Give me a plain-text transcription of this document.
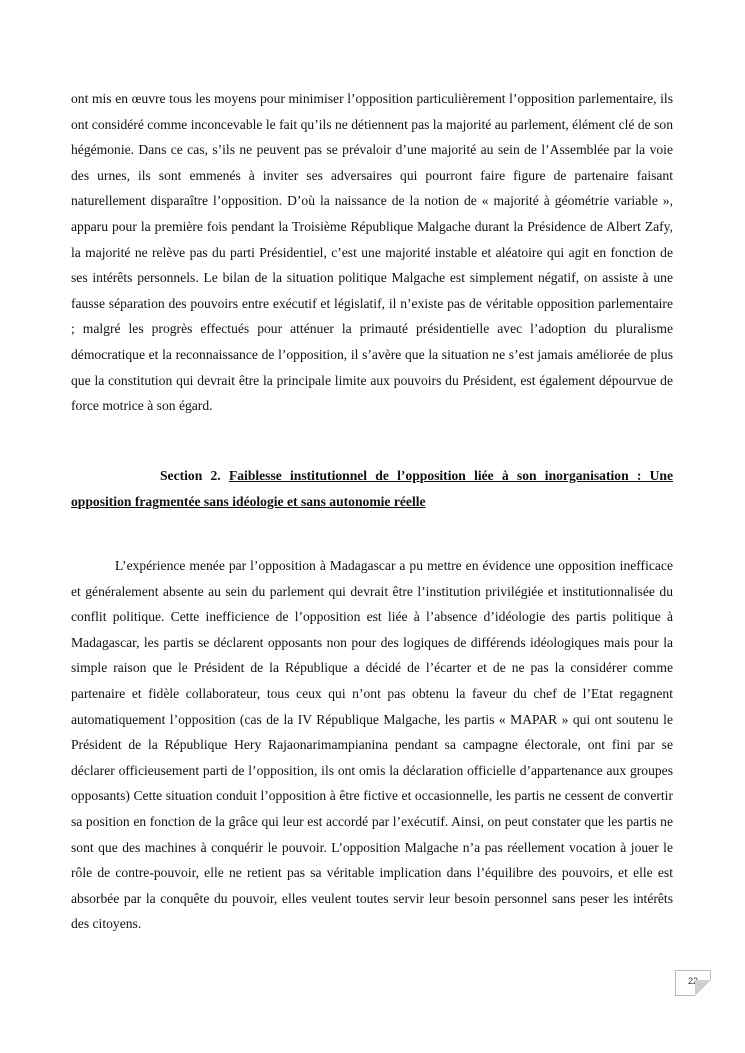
ont mis en œuvre tous les moyens pour minimiser l’opposition particulièrement l’opposition parlementaire, ils ont considéré comme inconcevable le fait qu’ils ne détiennent pas la majorité au parlement, élément clé de son hégémonie. Dans ce cas, s’ils ne peuvent pas se prévaloir d’une majorité au sein de l’Assemblée par la voie des urnes, ils sont emmenés à inviter ses adversaires qui pourront faire figure de partenaire faisant naturellement disparaître l’opposition. D’où la naissance de la notion de « majorité à géométrie variable », apparu pour la première fois pendant la Troisième République Malgache durant la Présidence de Albert Zafy, la majorité ne relève pas du parti Présidentiel, c’est une majorité instable et aléatoire qui agit en fonction de ses intérêts personnels. Le bilan de la situation politique Malgache est simplement négatif, on assiste à une fausse séparation des pouvoirs entre exécutif et législatif, il n’existe pas de véritable opposition parlementaire ; malgré les progrès effectués pour atténuer la primauté présidentielle avec l’adoption du pluralisme démocratique et la reconnaissance de l’opposition, il s’avère que la situation ne s’est jamais améliorée de plus que la constitution qui devrait être la principale limite aux pouvoirs du Président, est également dépourvue de force motrice à son égard.

Section 2. Faiblesse institutionnel de l’opposition liée à son inorganisation : Une opposition fragmentée sans idéologie et sans autonomie réelle

L’expérience menée par l’opposition à Madagascar a pu mettre en évidence une opposition inefficace et généralement absente au sein du parlement qui devrait être l’institution privilégiée et institutionnalisée du conflit politique. Cette inefficience de l’opposition est liée à l’absence d’idéologie des partis politique à Madagascar, les partis se déclarent opposants non pour des logiques de différends idéologiques mais pour la simple raison que le Président de la République a décidé de l’écarter et de ne pas la considérer comme partenaire et fidèle collaborateur, tous ceux qui n’ont pas obtenu la faveur du chef de l’Etat regagnent automatiquement l’opposition (cas de la IV République Malgache, les partis « MAPAR » qui ont soutenu le Président de la République Hery Rajaonarimampianina pendant sa campagne électorale, ont fini par se déclarer officieusement parti de l’opposition, ils ont omis la déclaration officielle d’appartenance aux groupes opposants) Cette situation conduit l’opposition à être fictive et occasionnelle, les partis ne cessent de convertir sa position en fonction de la grâce qui leur est accordé par l’exécutif. Ainsi, on peut constater que les partis ne sont que des machines à conquérir le pouvoir. L’opposition Malgache n’a pas réellement vocation à jouer le rôle de contre-pouvoir, elle ne retient pas sa véritable implication dans l’équilibre des pouvoirs, et elle est absorbée par la conquête du pouvoir, elles veulent toutes servir leur besoin personnel sans peser les intérêts des citoyens.

22
